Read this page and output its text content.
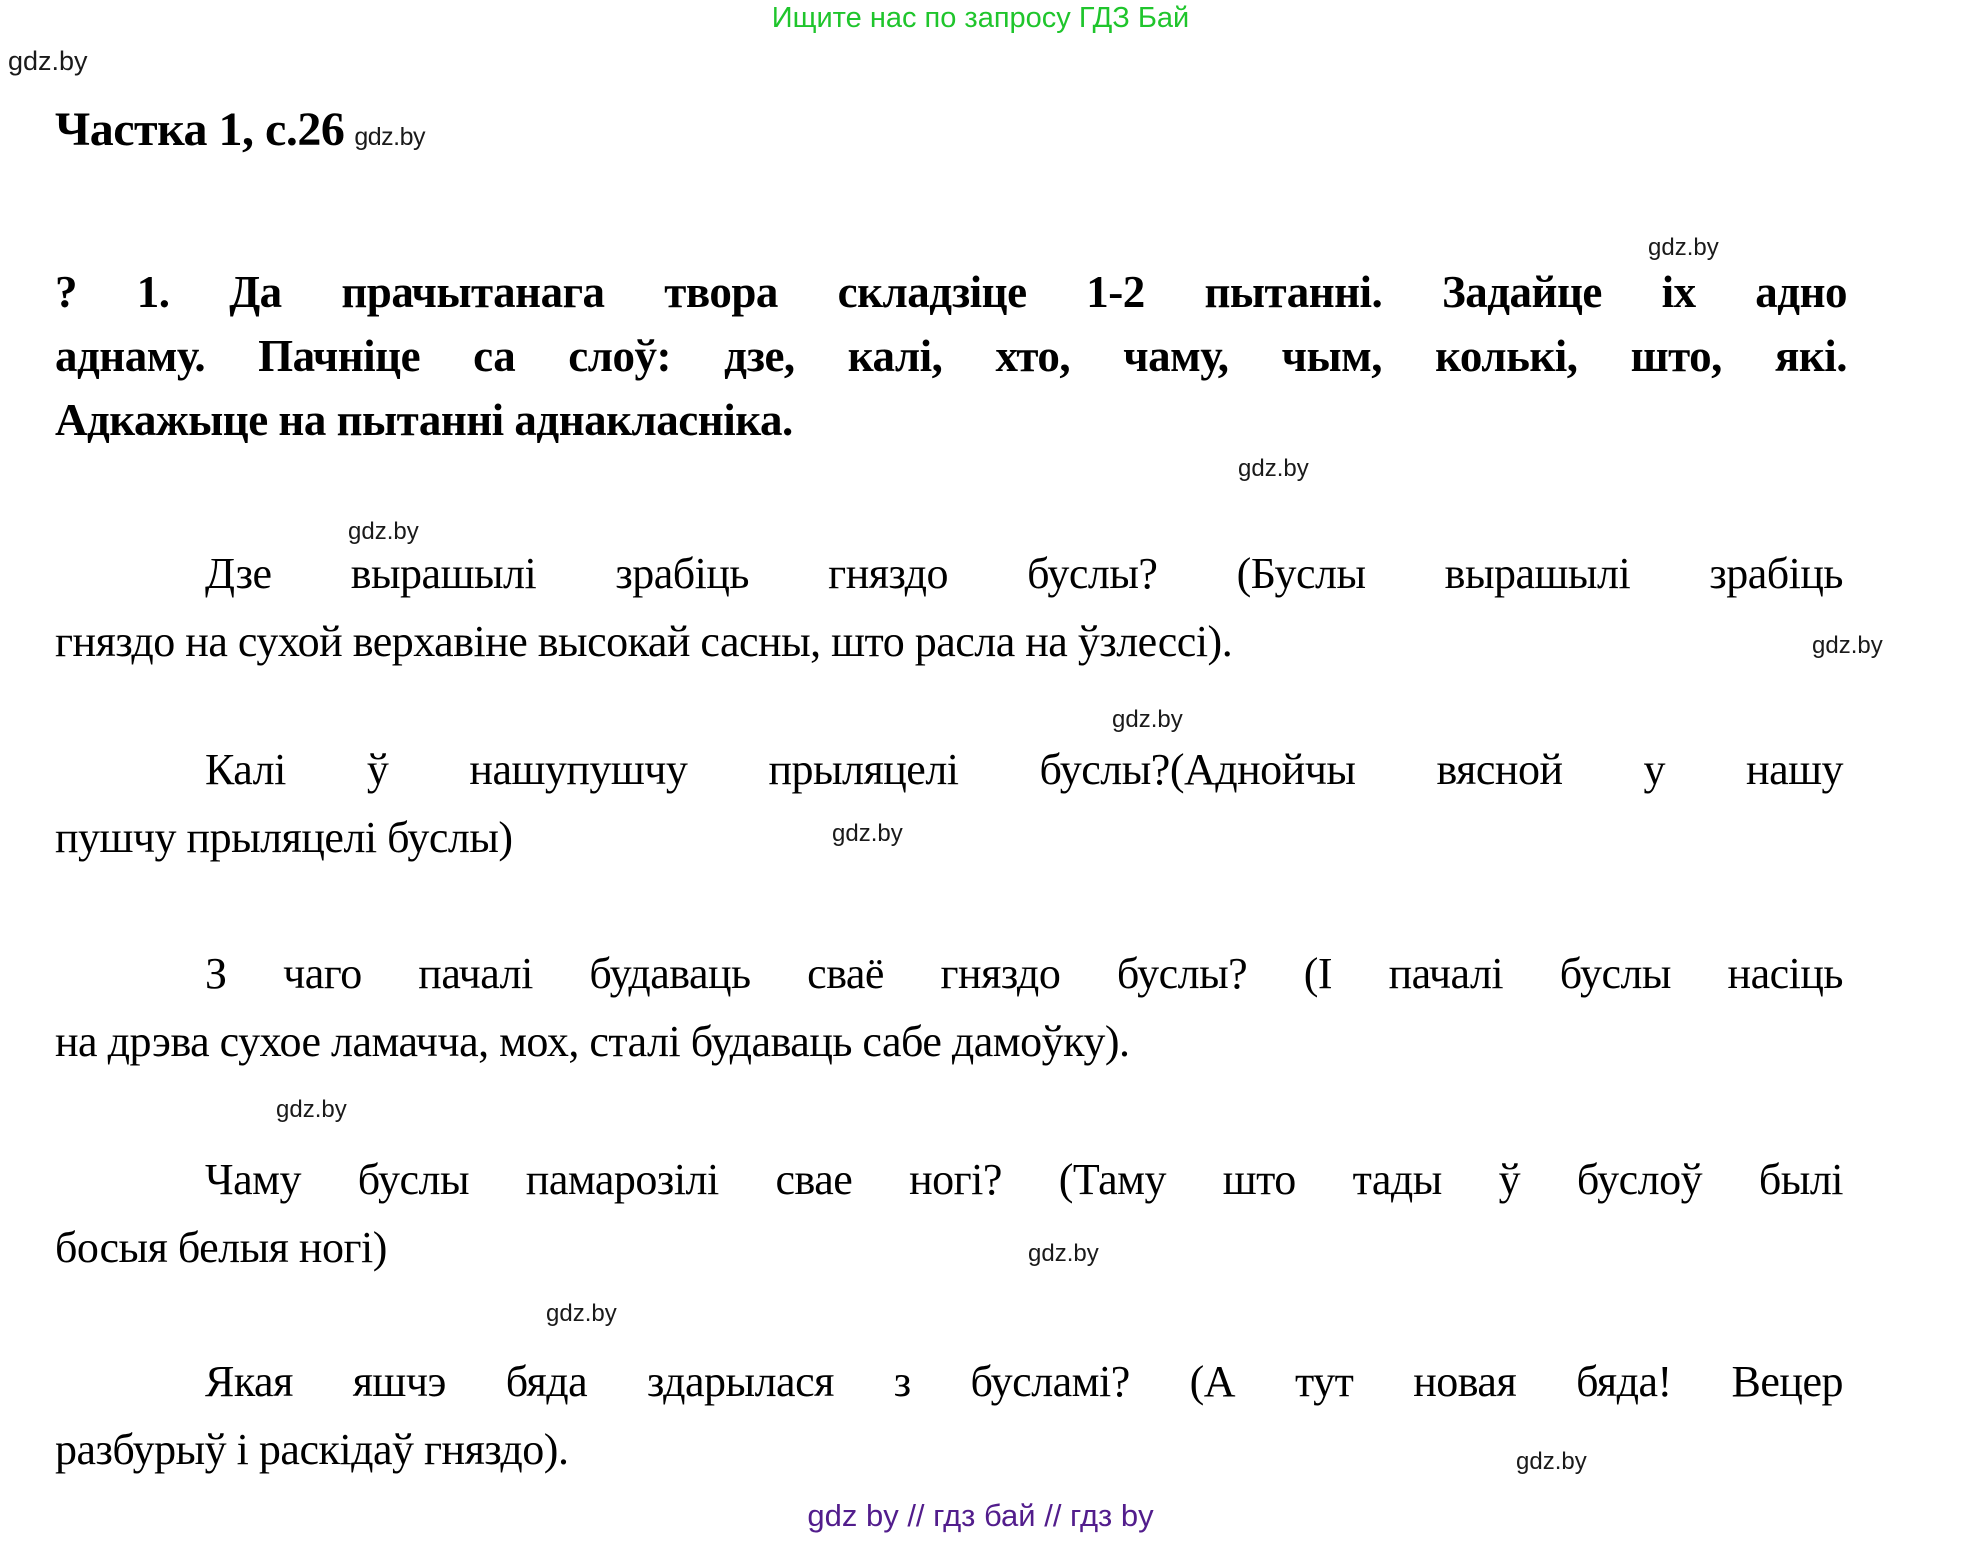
Ищите нас по запросу ГДЗ Бай
gdz.by
Частка 1, с.26 gdz.by
gdz.by
? 1. Да прачытанага твора складзіце 1-2 пытанні. Задайце іх адно
аднаму. Пачніце са слоў: дзе, калі, хто, чаму, чым, колькі, што, які.
Адкажыце на пытанні аднакласніка.
gdz.by
gdz.by
Дзе вырашылі зрабіць гняздо буслы? (Буслы вырашылі зрабіць
гняздо на сухой верхавіне высокай сасны, што расла на ўзлессі).	gdz.by
gdz.by
Калі ў нашупушчу прыляцелі буслы?(Аднойчы вясной у нашу
пушчу прыляцелі буслы)	gdz.by
З чаго пачалі будаваць сваё гняздо буслы? (І пачалі буслы насіць
на дрэва сухое ламачча, мох, сталі будаваць сабе дамоўку).
gdz.by
Чаму буслы памарозілі свае ногі? (Таму што тады ў буслоў былі
босыя белыя ногі)	gdz.by
gdz.by
Якая яшчэ бяда здарылася з бусламі? (А тут новая бяда! Вецер
разбурыў і раскідаў гняздо).	gdz.by
gdz by // гдз бай // гдз by
